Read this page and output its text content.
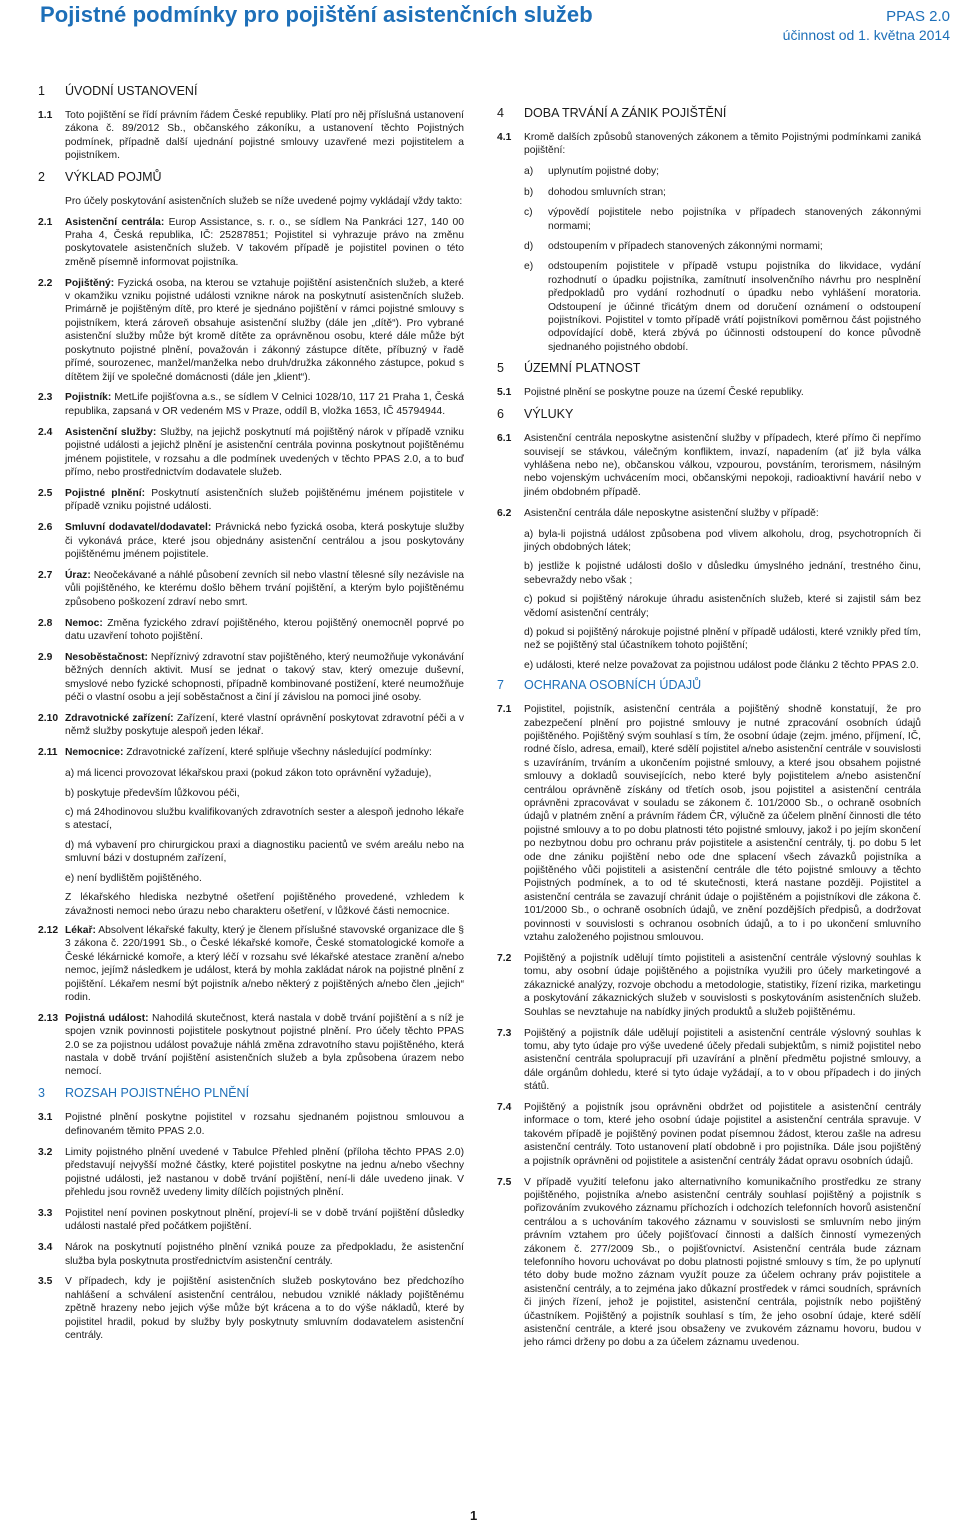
Pojistné podmínky pro pojištění asistenčních služeb	PPAS 2.0
účinnost od 1. května 2014
1	ÚVODNÍ USTANOVENÍ
1.1	Toto pojištění se řídí právním řádem České republiky. Platí pro něj příslušná ustanovení zákona č. 89/2012 Sb., občanského zákoníku, a ustanovení těchto Pojistných podmínek, případně další ujednání pojistné smlouvy uzavřené mezi pojistitelem a pojistníkem.
2	VÝKLAD POJMŮ
Pro účely poskytování asistenčních služeb se níže uvedené pojmy vykládají vždy takto:
2.1	Asistenční centrála: Europ Assistance, s. r. o., se sídlem Na Pankráci 127, 140 00 Praha 4, Česká republika, IČ: 25287851; Pojistitel si vyhrazuje právo na změnu poskytovatele asistenčních služeb. V takovém případě je pojistitel povinen o této změně písemně informovat pojistníka.
2.2	Pojištěný: Fyzická osoba, na kterou se vztahuje pojištění asistenčních služeb, a které v okamžiku vzniku pojistné události vznikne nárok na poskytnutí asistenčních služeb. Primárně je pojištěným dítě, pro které je sjednáno pojištění v rámci pojistné smlouvy s pojistníkem, která zároveň obsahuje asistenční služby (dále jen „dítě“). Pro vybrané asistenční služby může být kromě dítěte za oprávněnou osobu, které dále může být poskytnuto pojistné plnění, považován i zákonný zástupce dítěte, příbuzný v řadě přímé, sourozenec, manžel/manželka nebo druh/družka zákonného zástupce, pokud s dítětem žijí ve společné domácnosti (dále jen „klient“).
2.3	Pojistník: MetLife pojišťovna a.s., se sídlem V Celnici 1028/10, 117 21 Praha 1, Česká republika, zapsaná v OR vedeném MS v Praze, oddíl B, vložka 1653, IČ 45794944.
2.4	Asistenční služby: Služby, na jejichž poskytnutí má pojištěný nárok v případě vzniku pojistné události a jejichž plnění je asistenční centrála povinna poskytnout pojištěnému jménem pojistitele, v rozsahu a dle podmínek uvedených v těchto PPAS 2.0, a to buď přímo, nebo prostřednictvím dodavatele služeb.
2.5	Pojistné plnění: Poskytnutí asistenčních služeb pojištěnému jménem pojistitele v případě vzniku pojistné události.
2.6	Smluvní dodavatel/dodavatel: Právnická nebo fyzická osoba, která poskytuje služby či vykonává práce, které jsou objednány asistenční centrálou a jsou poskytovány pojištěnému jménem pojistitele.
2.7	Úraz: Neočekávané a náhlé působení zevních sil nebo vlastní tělesné síly nezávisle na vůli pojištěného, ke kterému došlo během trvání pojištění, a kterým bylo pojištěnému způsobeno poškození zdraví nebo smrt.
2.8	Nemoc: Změna fyzického zdraví pojištěného, kterou pojištěný onemocněl poprvé po datu uzavření tohoto pojištění.
2.9	Nesoběstačnost: Nepříznivý zdravotní stav pojištěného, který neumožňuje vykonávání běžných denních aktivit. Musí se jednat o takový stav, který omezuje duševní, smyslové nebo fyzické schopnosti, případně kombinované postižení, které neumožňuje péči o vlastní osobu a její soběstačnost a činí jí závislou na pomoci jiné osoby.
2.10 Zdravotnické zařízení: Zařízení, které vlastní oprávnění poskytovat zdravotní péči a v němž služby poskytuje alespoň jeden lékař.
2.11 Nemocnice: Zdravotnické zařízení, které splňuje všechny následující podmínky:
a) má licenci provozovat lékařskou praxi (pokud zákon toto oprávnění vyžaduje),
b) poskytuje především lůžkovou péči,
c) má 24hodinovou službu kvalifikovaných zdravotních sester a alespoň jednoho lékaře s atestací,
d) má vybavení pro chirurgickou praxi a diagnostiku pacientů ve svém areálu nebo na smluvní bázi v dostupném zařízení,
e) není bydlištěm pojištěného.
Z lékařského hlediska nezbytné ošetření pojištěného provedené, vzhledem k závažnosti nemoci nebo úrazu nebo charakteru ošetření, v lůžkové části nemocnice.
2.12 Lékař: Absolvent lékařské fakulty, který je členem příslušné stavovské organizace dle § 3 zákona č. 220/1991 Sb., o České lékařské komoře, České stomatologické komoře a České lékárnické komoře, a který léčí v rozsahu své lékařské atestace zranění a/nebo nemoc, jejímž následkem je událost, která by mohla zakládat nárok na pojistné plnění z pojištění. Lékařem nesmí být pojistník a/nebo některý z pojištěných a/nebo člen „jejich“ rodin.
2.13 Pojistná událost: Nahodilá skutečnost, která nastala v době trvání pojištění a s níž je spojen vznik povinnosti pojistitele poskytnout pojistné plnění. Pro účely těchto PPAS 2.0 se za pojistnou událost považuje náhlá změna zdravotního stavu pojištěného, která nastala v době trvání pojištění asistenčních služeb a byla způsobena úrazem nebo nemocí.
3	ROZSAH POJISTNÉHO PLNĚNÍ
3.1	Pojistné plnění poskytne pojistitel v rozsahu sjednaném pojistnou smlouvou a definovaném těmito PPAS 2.0.
3.2	Limity pojistného plnění uvedené v Tabulce Přehled plnění (příloha těchto PPAS 2.0) představují nejvyšší možné částky, které pojistitel poskytne na jednu a/nebo všechny pojistné události, jež nastanou v době trvání pojištění, není-li dále uvedeno jinak. V přehledu jsou rovněž uvedeny limity dílčích pojistných plnění.
3.3	Pojistitel není povinen poskytnout plnění, projeví-li se v době trvání pojištění důsledky události nastalé před počátkem pojištění.
3.4	Nárok na poskytnutí pojistného plnění vzniká pouze za předpokladu, že asistenční služba byla poskytnuta prostřednictvím asistenční centrály.
3.5	V případech, kdy je pojištění asistenčních služeb poskytováno bez předchozího nahlášení a schválení asistenční centrálou, nebudou vzniklé náklady pojištěnému zpětně hrazeny nebo jejich výše může být krácena a to do výše nákladů, které by pojistitel hradil, pokud by služby byly poskytnuty smluvním dodavatelem asistenční centrály.
4	DOBA TRVÁNÍ A ZÁNIK POJIŠTĚNÍ
4.1	Kromě dalších způsobů stanovených zákonem a těmito Pojistnými podmínkami zaniká pojištění:
a)	uplynutím pojistné doby;
b)	dohodou smluvních stran;
c)	výpovědí pojistitele nebo pojistníka v případech stanovených zákonnými normami;
d)	odstoupením v případech stanovených zákonnými normami;
e)	odstoupením pojistitele v případě vstupu pojistníka do likvidace, vydání rozhodnutí o úpadku pojistníka, zamítnutí insolvenčního návrhu pro nesplnění předpokladů pro vydání rozhodnutí o úpadku nebo vyhlášení moratoria. Odstoupení je účinné třicátým dnem od doručení oznámení o odstoupení pojistníkovi. Pojistitel v tomto případě vrátí pojistníkovi poměrnou část pojistného odpovídající době, která zbývá po účinnosti odstoupení do konce původně sjednaného pojistného období.
5	ÚZEMNÍ PLATNOST
5.1	Pojistné plnění se poskytne pouze na území České republiky.
6	VÝLUKY
6.1	Asistenční centrála neposkytne asistenční služby v případech, které přímo či nepřímo souvisejí se stávkou, válečným konfliktem, invazí, napadením (ať již byla válka vyhlášena nebo ne), občanskou válkou, vzpourou, povstáním, terorismem, násilným nebo vojenským uchvácením moci, občanskými nepokoji, radioaktivní havárií nebo v jiném obdobném případě.
6.2	Asistenční centrála dále neposkytne asistenční služby v případě:
a) byla-li pojistná událost způsobena pod vlivem alkoholu, drog, psychotropních či jiných obdobných látek;
b) jestliže k pojistné události došlo v důsledku úmyslného jednání, trestného činu, sebevraždy nebo však ;
c) pokud si pojištěný nárokuje úhradu asistenčních služeb, které si zajistil sám bez vědomí asistenční centrály;
d) pokud si pojištěný nárokuje pojistné plnění v případě události, které vznikly před tím, než se pojištěný stal účastníkem tohoto pojištění;
e) události, které nelze považovat za pojistnou událost pode článku 2 těchto PPAS 2.0.
7	OCHRANA OSOBNÍCH ÚDAJŮ
7.1	Pojistitel, pojistník, asistenční centrála a pojištěný shodně konstatují, že pro zabezpečení plnění pro pojistné smlouvy je nutné zpracování osobních údajů pojištěného. Pojištěný svým souhlasí s tím, že osobní údaje (zejm. jméno, příjmení, IČ, rodné číslo, adresa, email), které sdělí pojistitel a/nebo asistenční centrále v souvislosti s uzavíráním, trváním a ukončením pojistné smlouvy, a které jsou obsahem pojistné smlouvy a dokladů souvisejících, nebo které byly pojistitelem a/nebo asistenční centrálou oprávněně získány od třetích osob, jsou pojistitel a asistenční centrála oprávněni zpracovávat v souladu se zákonem č. 101/2000 Sb., o ochraně osobních údajů v platném znění a právním řádem ČR, výlučně za účelem plnění činnosti dle této pojistné smlouvy a to po dobu platnosti této pojistné smlouvy, jakož i po jejím skončení po nezbytnou dobu pro ochranu práv pojistitele a asistenční centrály, tj. po dobu 5 let ode dne zániku pojištění nebo ode dne splacení všech závazků pojistníka a pojištěného vůči pojistiteli a asistenční centrále dle této pojistné smlouvy a těchto Pojistných podmínek, a to od té skutečnosti, která nastane později. Pojistitel a asistenční centrála se zavazují chránit údaje o pojištěném a pojistníkovi dle zákona č. 101/2000 Sb., o ochraně osobních údajů, ve znění pozdějších předpisů, a dodržovat povinnosti v souvislosti s ochranou osobních údajů, a to i po ukončení smluvního vztahu založeného pojistnou smlouvou.
7.2	Pojištěný a pojistník udělují tímto pojistiteli a asistenční centrále výslovný souhlas k tomu, aby osobní údaje pojištěného a pojistníka využili pro účely marketingové a zákaznické analýzy, rozvoje obchodu a metodologie, statistiky, řízení rizika, marketingu a poskytování zákaznických služeb v souvislosti s poskytováním asistenčních služeb. Souhlas se nevztahuje na nabídky jiných produktů a služeb pojištěnému.
7.3	Pojištěný a pojistník dále udělují pojistiteli a asistenční centrále výslovný souhlas k tomu, aby tyto údaje pro výše uvedené účely předali subjektům, s nimiž pojistitel nebo asistenční centrála spolupracují při uzavírání a plnění předmětu pojistné smlouvy, a dále orgánům dohledu, které si tyto údaje vyžádají, a to v obou případech i do jiných států.
7.4	Pojištěný a pojistník jsou oprávněni obdržet od pojistitele a asistenční centrály informace o tom, které jeho osobní údaje pojistitel a asistenční centrála spravuje. V takovém případě je pojištěný povinen podat písemnou žádost, kterou zašle na adresu asistenční centrály. Toto ustanovení platí obdobně i pro pojistníka. Dále jsou pojištěný a pojistník oprávněni od pojistitele a asistenční centrály žádat opravu osobních údajů.
7.5	V případě využití telefonu jako alternativního komunikačního prostředku ze strany pojištěného, pojistníka a/nebo asistenční centrály souhlasí pojištěný a pojistník s pořizováním zvukového záznamu příchozích i odchozích telefonních hovorů asistenční centrálou a s uchováním takového záznamu v souvislosti se smluvním nebo jiným právním vztahem pro účely pojišťovací činnosti a dalších činností vymezených zákonem č. 277/2009 Sb., o pojišťovnictví. Asistenční centrála bude záznam telefonního hovoru uchovávat po dobu platnosti pojistné smlouvy s tím, že po uplynutí této doby bude možno záznam využít pouze za účelem ochrany práv pojistitele a asistenční centrály, a to zejména jako důkazní prostředek v rámci soudních, správních či jiných řízení, jehož je pojistitel, asistenční centrála, pojistník nebo pojištěný účastníkem. Pojištěný a pojistník souhlasí s tím, že jeho osobní údaje, které sdělí asistenční centrále, a které jsou obsaženy ve zvukovém záznamu hovoru, budou v jeho rámci drženy po dobu a za účelem záznamu uvedenou.
1
